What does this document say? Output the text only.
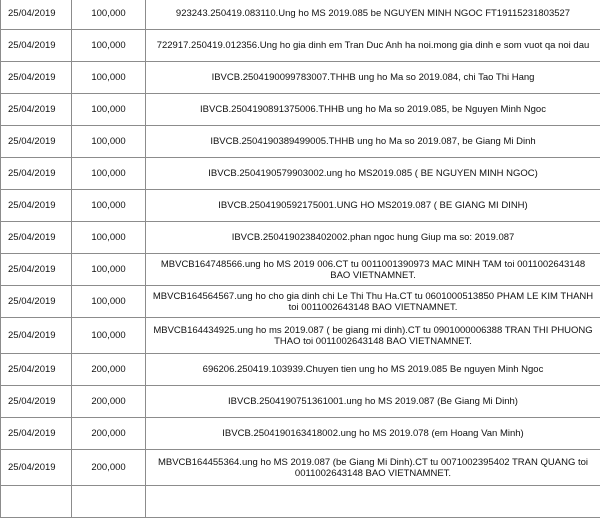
25/04/2019	100,000	923243.250419.083110.Ung ho MS 2019.085 be NGUYEN MINH NGOC FT19115231803527
25/04/2019	100,000	722917.250419.012356.Ung ho gia dinh em Tran Duc Anh ha noi.mong gia dinh e som vuot qa noi dau
25/04/2019	100,000	IBVCB.2504190099783007.THHB ung ho Ma so 2019.084, chi Tao Thi Hang
25/04/2019	100,000	IBVCB.2504190891375006.THHB ung ho Ma so 2019.085, be Nguyen Minh Ngoc
25/04/2019	100,000	IBVCB.2504190389499005.THHB ung ho Ma so 2019.087, be Giang Mi Dinh
25/04/2019	100,000	IBVCB.2504190579903002.ung ho MS2019.085 ( BE NGUYEN MINH NGOC)
25/04/2019	100,000	IBVCB.2504190592175001.UNG HO MS2019.087 ( BE GIANG MI DINH)
25/04/2019	100,000	IBVCB.2504190238402002.phan ngoc hung Giup ma so: 2019.087
25/04/2019	100,000	MBVCB164748566.ung ho MS 2019 006.CT tu 0011001390973 MAC MINH TAM toi 0011002643148 BAO VIETNAMNET.
25/04/2019	100,000	MBVCB164564567.ung ho cho gia dinh chi Le Thi Thu Ha.CT tu 0601000513850 PHAM LE KIM THANH toi 0011002643148 BAO VIETNAMNET.
25/04/2019	100,000	MBVCB164434925.ung ho ms 2019.087 ( be giang mi dinh).CT tu 0901000006388 TRAN THI PHUONG THAO toi 0011002643148 BAO VIETNAMNET.
25/04/2019	200,000	696206.250419.103939.Chuyen tien ung ho MS 2019.085 Be nguyen Minh Ngoc
25/04/2019	200,000	IBVCB.2504190751361001.ung ho MS 2019.087 (Be Giang Mi Dinh)
25/04/2019	200,000	IBVCB.2504190163418002.ung ho MS 2019.078 (em Hoang Van Minh)
25/04/2019	200,000	MBVCB164455364.ung ho MS 2019.087 (be Giang Mi Dinh).CT tu 0071002395402 TRAN QUANG toi 0011002643148 BAO VIETNAMNET.
